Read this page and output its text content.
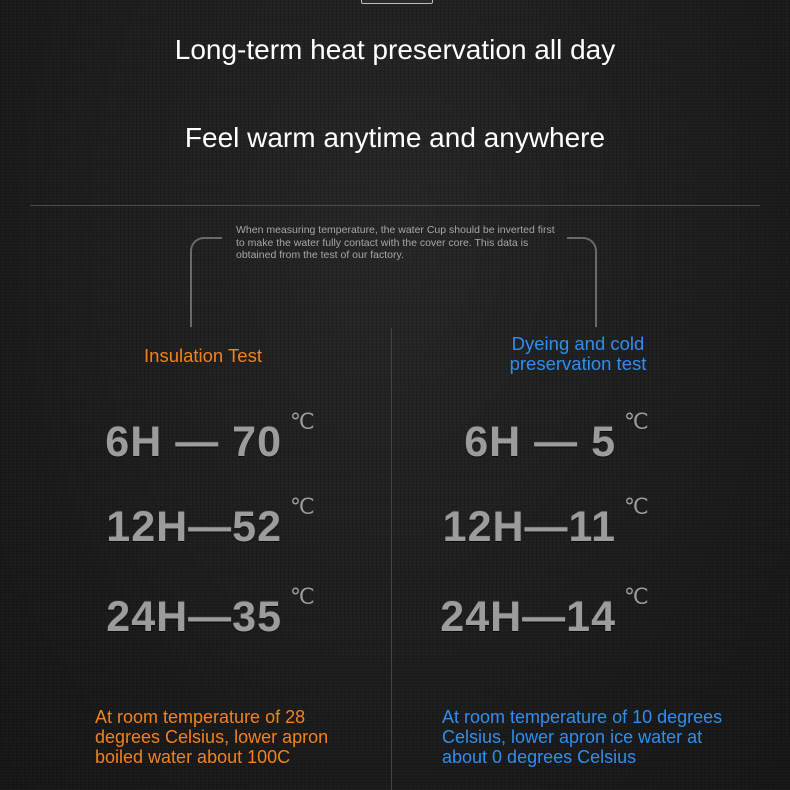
Long-term heat preservation all day
Feel warm anytime and anywhere
When measuring temperature, the water Cup should be inverted first to make the water fully contact with the cover core. This data is obtained from the test of our factory.
Insulation Test
Dyeing and cold preservation test
6H — 70 ℃
12H—52 ℃
24H—35 ℃
6H — 5 ℃
12H—11 ℃
24H—14 ℃

At room temperature of 28 degrees Celsius, lower apron boiled water about 100C

At room temperature of 10 degrees Celsius, lower apron ice water at about 0 degrees Celsius
